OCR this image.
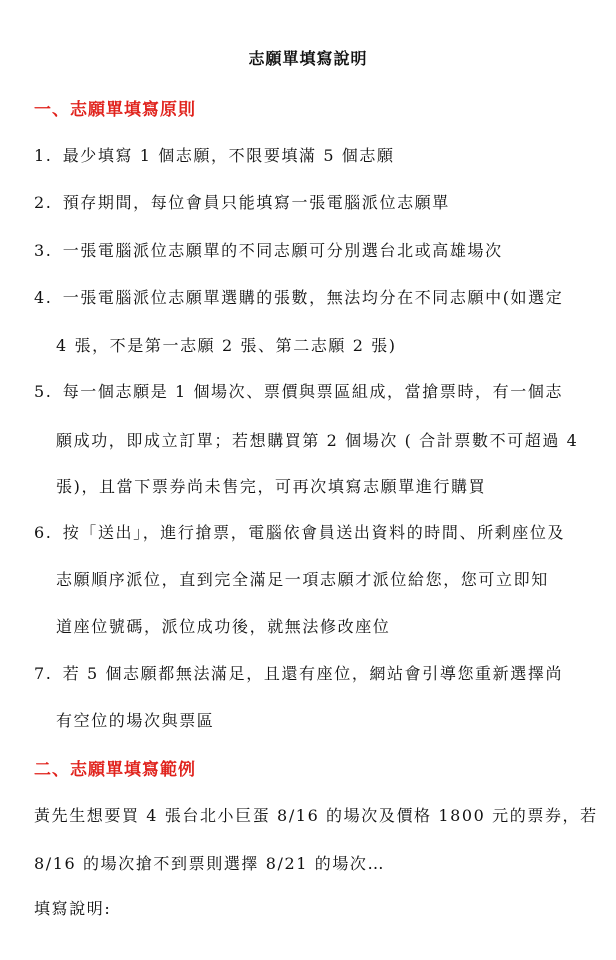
志願單填寫說明
一、志願單填寫原則
1. 最少填寫 1 個志願，不限要填滿 5 個志願
2. 預存期間，每位會員只能填寫一張電腦派位志願單
3. 一張電腦派位志願單的不同志願可分別選台北或高雄場次
4. 一張電腦派位志願單選購的張數，無法均分在不同志願中(如選定
4 張，不是第一志願 2 張、第二志願 2 張)
5. 每一個志願是 1 個場次、票價與票區組成，當搶票時，有一個志
願成功，即成立訂單；若想購買第 2 個場次 ( 合計票數不可超過 4
張)，且當下票券尚未售完，可再次填寫志願單進行購買
6. 按「送出」，進行搶票，電腦依會員送出資料的時間、所剩座位及
志願順序派位，直到完全滿足一項志願才派位給您，您可立即知
道座位號碼，派位成功後，就無法修改座位
7. 若 5 個志願都無法滿足，且還有座位，網站會引導您重新選擇尚
有空位的場次與票區
二、志願單填寫範例
黃先生想要買 4 張台北小巨蛋 8/16 的場次及價格 1800 元的票券，若
8/16 的場次搶不到票則選擇 8/21 的場次…
填寫說明:
